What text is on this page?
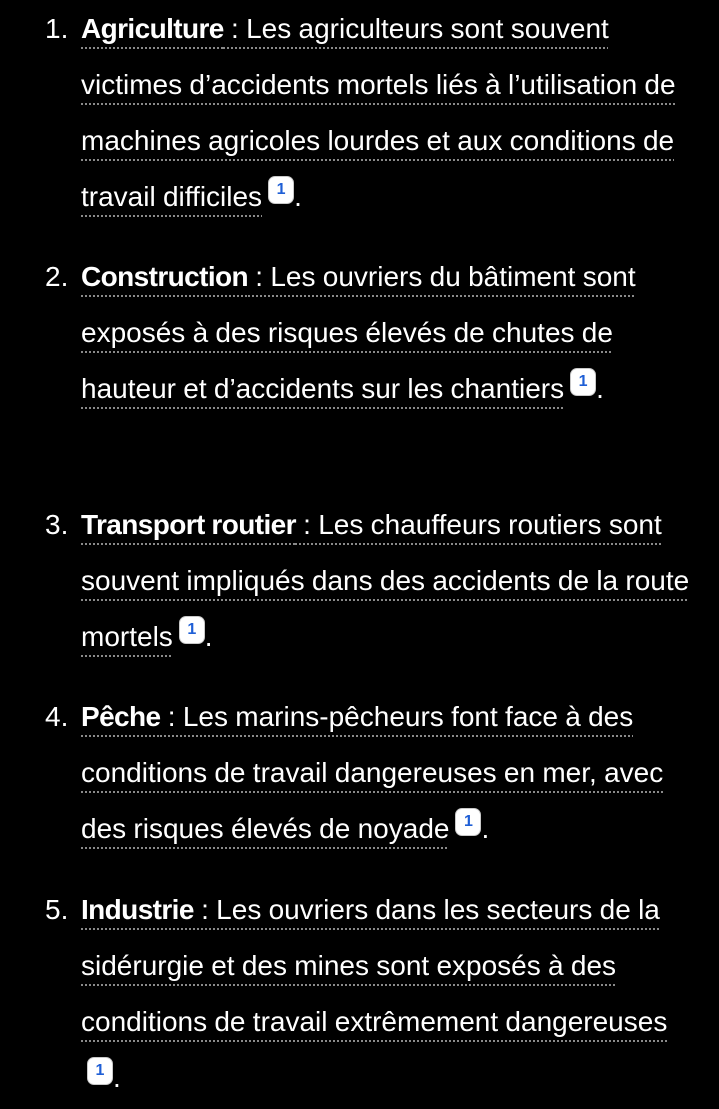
1. Agriculture : Les agriculteurs sont souvent victimes d’accidents mortels liés à l’utilisation de machines agricoles lourdes et aux conditions de travail difficiles 1 .
2. Construction : Les ouvriers du bâtiment sont exposés à des risques élevés de chutes de hauteur et d’accidents sur les chantiers 1 .
3. Transport routier : Les chauffeurs routiers sont souvent impliqués dans des accidents de la route mortels 1 .
4. Pêche : Les marins-pêcheurs font face à des conditions de travail dangereuses en mer, avec des risques élevés de noyade 1 .
5. Industrie : Les ouvriers dans les secteurs de la sidérurgie et des mines sont exposés à des conditions de travail extrêmement dangereuses1 .
